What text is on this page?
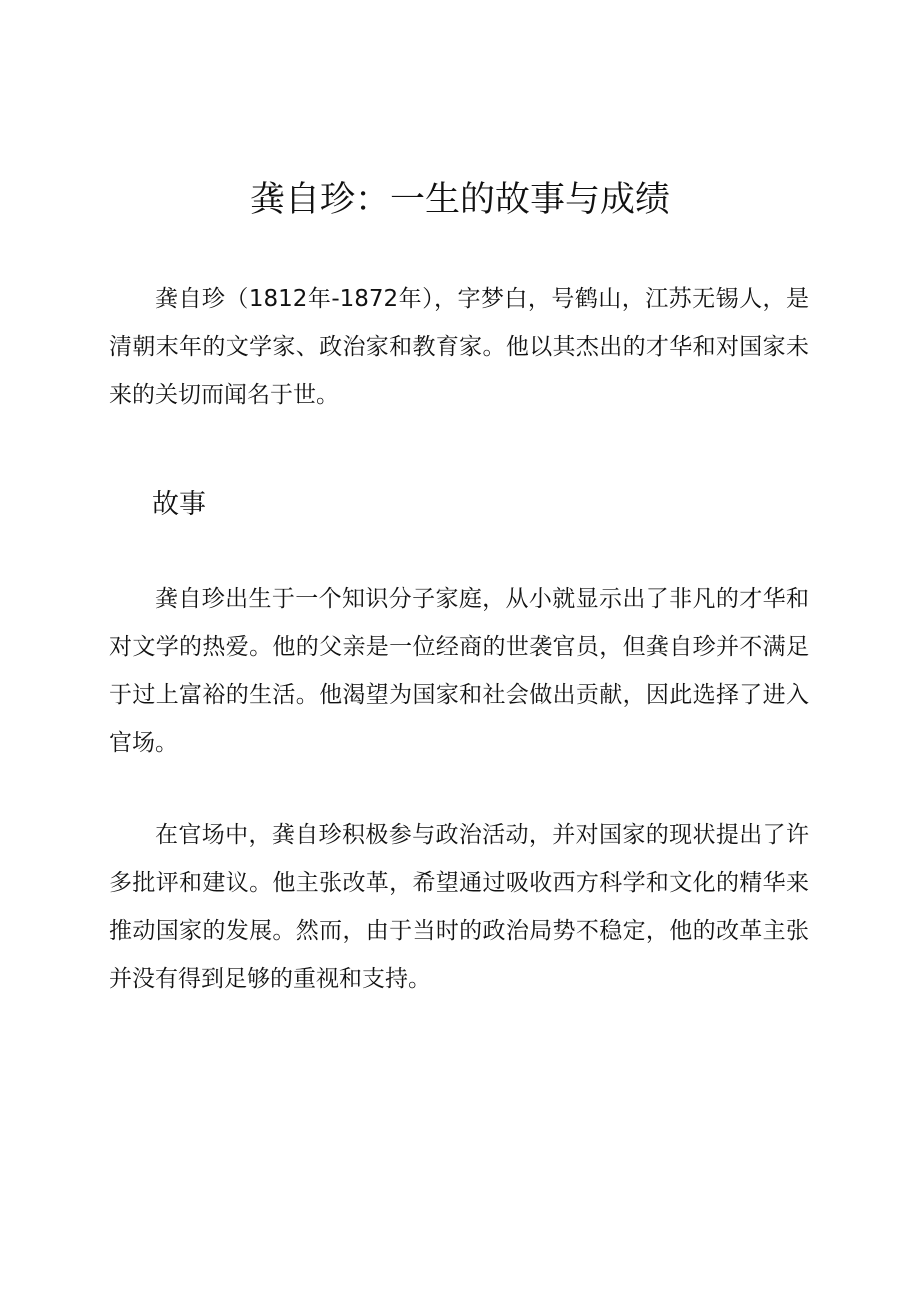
龚自珍：一生的故事与成绩

龚自珍（1812年-1872年），字梦白，号鹤山，江苏无锡人，是清朝末年的文学家、政治家和教育家。他以其杰出的才华和对国家未来的关切而闻名于世。

故事

龚自珍出生于一个知识分子家庭，从小就显示出了非凡的才华和对文学的热爱。他的父亲是一位经商的世袭官员，但龚自珍并不满足于过上富裕的生活。他渴望为国家和社会做出贡献，因此选择了进入官场。

在官场中，龚自珍积极参与政治活动，并对国家的现状提出了许多批评和建议。他主张改革，希望通过吸收西方科学和文化的精华来推动国家的发展。然而，由于当时的政治局势不稳定，他的改革主张并没有得到足够的重视和支持。
